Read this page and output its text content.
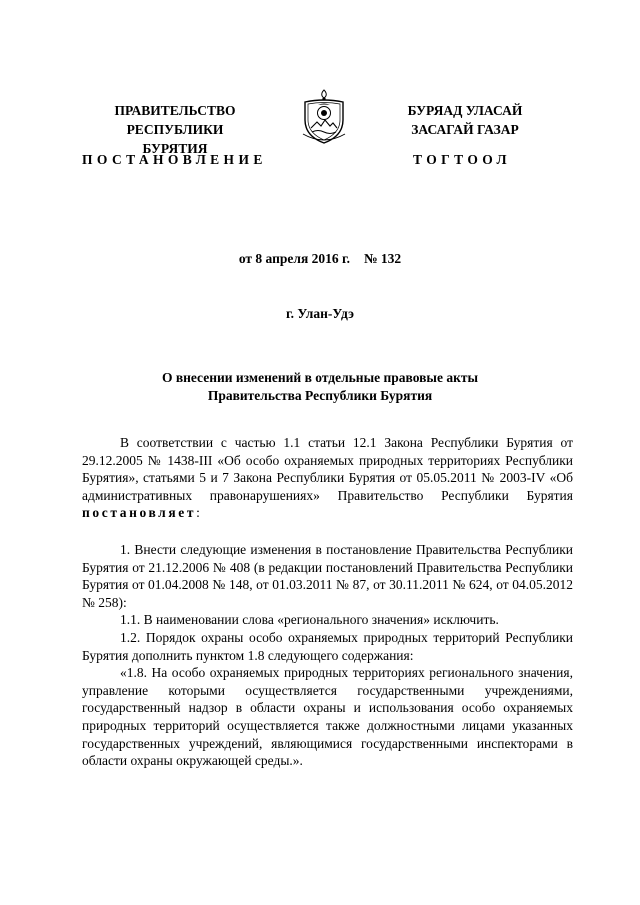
ПРАВИТЕЛЬСТВО
РЕСПУБЛИКИ БУРЯТИЯ
БУРЯАД УЛАСАЙ
ЗАСАГАЙ ГАЗАР
ПОСТАНОВЛЕНИЕ	ТОГТООЛ
от 8 апреля 2016 г. № 132
г. Улан-Удэ
О внесении изменений в отдельные правовые акты
Правительства Республики Бурятия

В соответствии с частью 1.1 статьи 12.1 Закона Республики Бурятия от 29.12.2005 № 1438-III «Об особо охраняемых природных территориях Республики Бурятия», статьями 5 и 7 Закона Республики Бурятия от 05.05.2011 № 2003-IV «Об административных правонарушениях» Правительство Республики Бурятия постановляет:

1. Внести следующие изменения в постановление Правительства Республики Бурятия от 21.12.2006 № 408 (в редакции постановлений Правительства Республики Бурятия от 01.04.2008 № 148, от 01.03.2011 № 87, от 30.11.2011 № 624, от 04.05.2012 № 258):

1.1. В наименовании слова «регионального значения» исключить.

1.2. Порядок охраны особо охраняемых природных территорий Республики Бурятия дополнить пунктом 1.8 следующего содержания:

«1.8. На особо охраняемых природных территориях регионального значения, управление которыми осуществляется государственными учреждениями, государственный надзор в области охраны и использования особо охраняемых природных территорий осуществляется также должностными лицами указанных государственных учреждений, являющимися государственными инспекторами в области охраны окружающей среды.».
